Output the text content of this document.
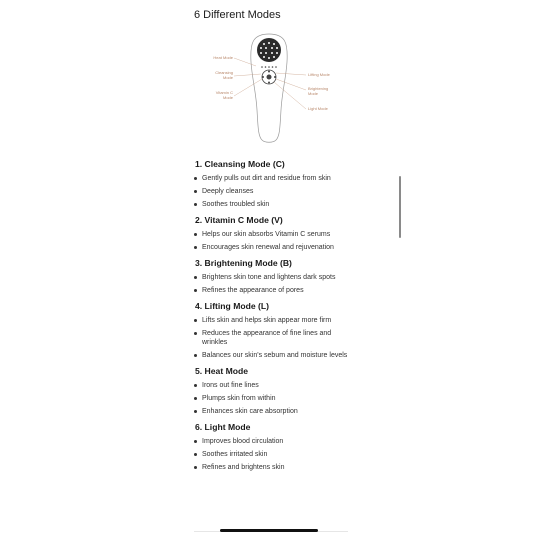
6 Different Modes
Heat Mode
Cleansing
Mode
Vitamin C
Mode
Lifting Mode
Brightening
Mode
Light Mode
1. Cleansing Mode (C)
Gently pulls out dirt and residue from skin
Deeply cleanses
Soothes troubled skin
2. Vitamin C Mode (V)
Helps our skin absorbs Vitamin C serums
Encourages skin renewal and rejuvenation
3. Brightening Mode (B)
Brightens skin tone and lightens dark spots
Refines the appearance of pores
4. Lifting Mode (L)
Lifts skin and helps skin appear more firm
Reduces the appearance of fine lines and wrinkles
Balances our skin's sebum and moisture levels
5. Heat Mode
Irons out fine lines
Plumps skin from within
Enhances skin care absorption
6. Light Mode
Improves blood circulation
Soothes irritated skin
Refines and brightens skin
